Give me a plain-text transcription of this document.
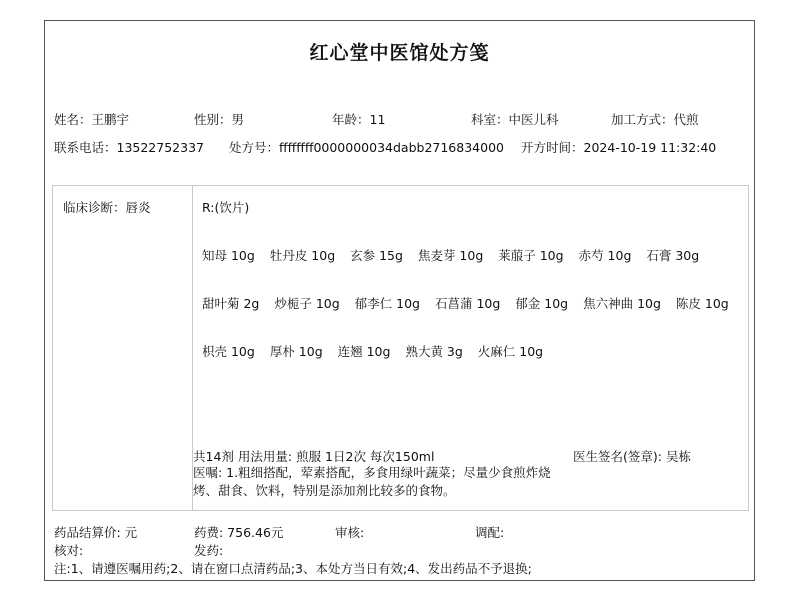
红心堂中医馆处方笺
姓名：王鹏宇	性别：男	年龄：11	科室：中医儿科	加工方式：代煎
联系电话：13522752337 处方号：ffffffff0000000034dabb2716834000 开方时间：2024-10-19 11:32:40
临床诊断：唇炎	R:(饮片)
知母 10g 牡丹皮 10g 玄参 15g 焦麦芽 10g 莱菔子 10g 赤芍 10g 石膏 30g
甜叶菊 2g 炒栀子 10g 郁李仁 10g 石菖蒲 10g 郁金 10g 焦六神曲 10g 陈皮 10g
枳壳 10g 厚朴 10g 连翘 10g 熟大黄 3g 火麻仁 10g
共14剂 用法用量: 煎服 1日2次 每次150ml	医生签名(签章): 吴栋
医嘱: 1.粗细搭配，荤素搭配，多食用绿叶蔬菜；尽量少食煎炸烧烤、甜食、饮料，特别是添加剂比较多的食物。
药品结算价: 元	药费: 756.46元	审核:	调配:
核对:	发药:
注:1、请遵医嘱用药;2、请在窗口点清药品;3、本处方当日有效;4、发出药品不予退换;
